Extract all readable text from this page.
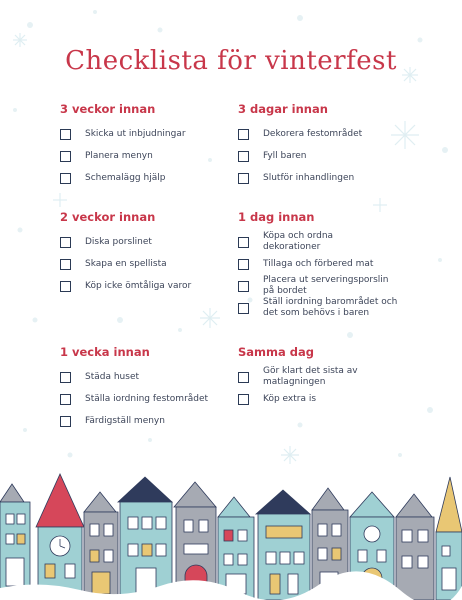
Checklista för vinterfest
3 veckor innan
Skicka ut inbjudningar
Planera menyn
Schemalägg hjälp
3 dagar innan
Dekorera festområdet
Fyll baren
Slutför inhandlingen
2 veckor innan
Diska porslinet
Skapa en spellista
Köp icke ömtåliga varor
1 dag innan
Köpa och ordna dekorationer
Tillaga och förbered mat
Placera ut serveringsporslin på bordet
Ställ iordning barområdet och det som behövs i baren
1 vecka innan
Städa huset
Ställa iordning festområdet
Färdigställ menyn
Samma dag
Gör klart det sista av matlagningen
Köp extra is
